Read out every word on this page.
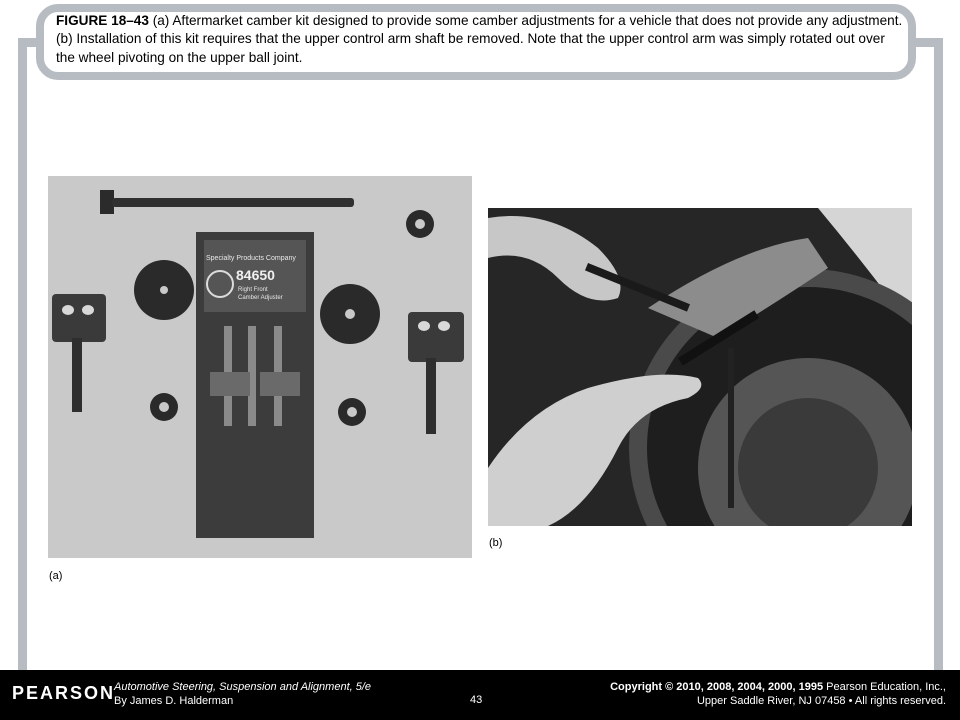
FIGURE 18–43 (a) Aftermarket camber kit designed to provide some camber adjustments for a vehicle that does not provide any adjustment. (b) Installation of this kit requires that the upper control arm shaft be removed. Note that the upper control arm was simply rotated out over the wheel pivoting on the upper ball joint.
Specialty Products Company
84650
Right Front
Camber Adjuster
(a)
(b)
PEARSON
Automotive Steering, Suspension and Alignment, 5/e
By James D. Halderman	43
Copyright © 2010, 2008, 2004, 2000, 1995 Pearson Education, Inc.,
Upper Saddle River, NJ 07458 • All rights reserved.
